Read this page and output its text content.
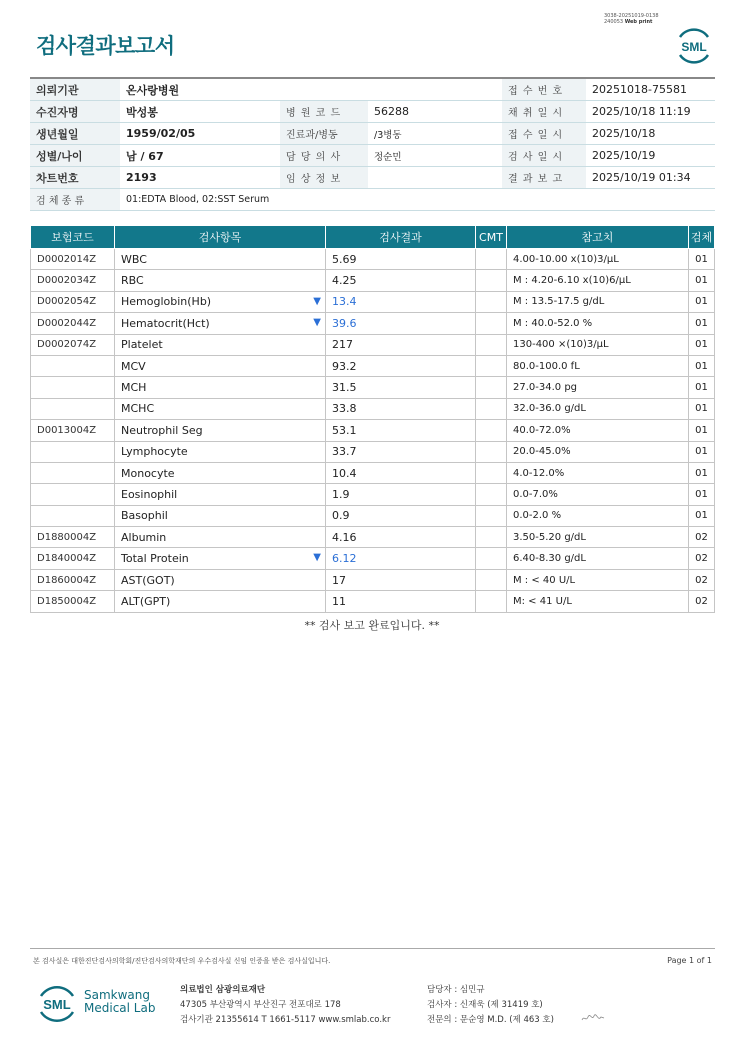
검사결과보고서
3038-20251019-0138
240053 Web print
SML
의뢰기관	온사랑병원			접 수 번 호	20251018-75581
수진자명	박성봉	병 원 코 드	56288	채 취 일 시	2025/10/18 11:19
생년월일	1959/02/05	진료과/병동	/3병동	접 수 일 시	2025/10/18
성별/나이	남 / 67	담 당 의 사	정순민	검 사 일 시	2025/10/19
차트번호	2193	임 상 정 보		결 과 보 고	2025/10/19 01:34
검 체 종 류	01:EDTA Blood, 02:SST Serum				
보험코드	검사항목	검사결과	CMT	참고치	검체
D0002014Z	WBC	5.69		4.00-10.00 x(10)3/μL	01
D0002034Z	RBC	4.25		M : 4.20-6.10 x(10)6/μL	01
D0002054Z	Hemoglobin(Hb) ▼	13.4		M : 13.5-17.5 g/dL	01
D0002044Z	Hematocrit(Hct) ▼	39.6		M : 40.0-52.0 %	01
D0002074Z	Platelet	217		130-400 ×(10)3/μL	01
	MCV	93.2		80.0-100.0 fL	01
	MCH	31.5		27.0-34.0 pg	01
	MCHC	33.8		32.0-36.0 g/dL	01
D0013004Z	Neutrophil Seg	53.1		40.0-72.0%	01
	Lymphocyte	33.7		20.0-45.0%	01
	Monocyte	10.4		4.0-12.0%	01
	Eosinophil	1.9		0.0-7.0%	01
	Basophil	0.9		0.0-2.0 %	01
D1880004Z	Albumin	4.16		3.50-5.20 g/dL	02
D1840004Z	Total Protein ▼	6.12		6.40-8.30 g/dL	02
D1860004Z	AST(GOT)	17		M : < 40 U/L	02
D1850004Z	ALT(GPT)	11		M: < 41 U/L	02
** 검사 보고 완료입니다. **
본 검사실은 대한진단검사의학회/진단검사의학재단의 우수검사실 신임 인증을 받은 검사실입니다.	Page 1 of 1
SML
Samkwang
Medical Lab
의료법인 삼광의료재단
47305 부산광역시 부산진구 전포대로 178
검사기관 21355614 T 1661-5117 www.smlab.co.kr
담당자 : 심민규
검사자 : 신재욱 (제 31419 호)
전문의 : 문순영 M.D. (제 463 호)
